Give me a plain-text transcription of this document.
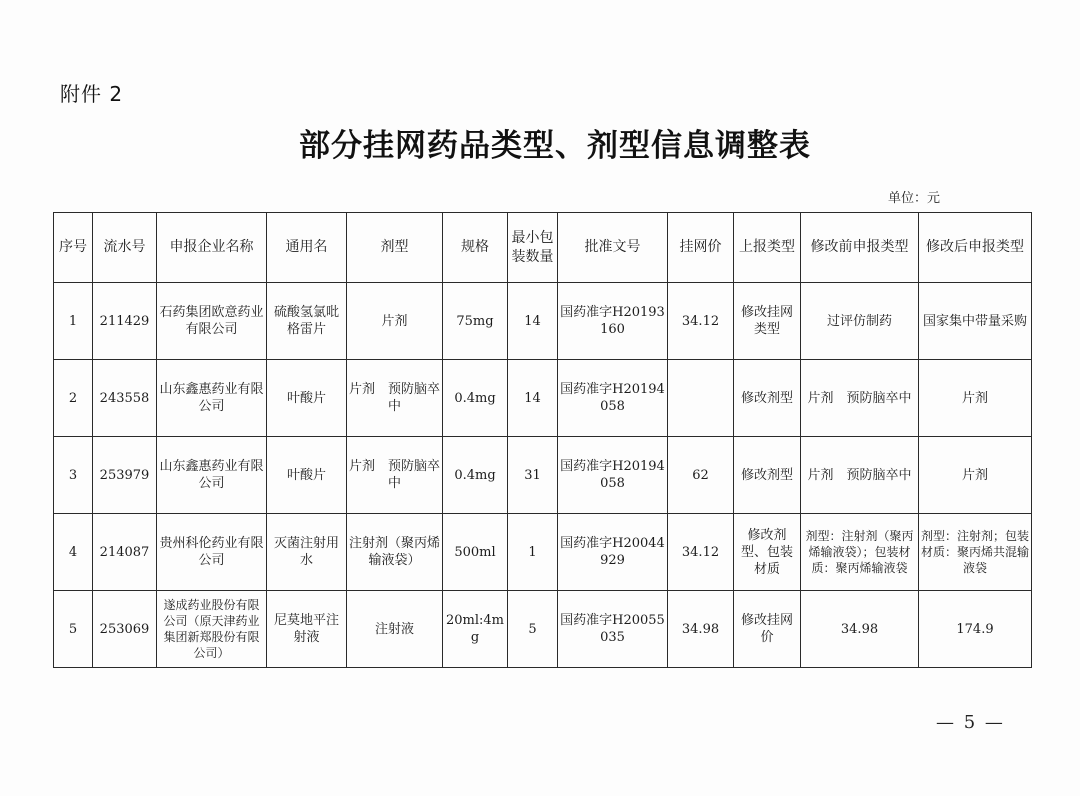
附件 2
部分挂网药品类型、剂型信息调整表
单位：元
序号	流水号	申报企业名称	通用名	剂型	规格	最小包装数量	批准文号	挂网价	上报类型	修改前申报类型	修改后申报类型
1	211429	石药集团欧意药业有限公司	硫酸氢氯吡格雷片	片剂	75mg	14	国药准字H20193160	34.12	修改挂网类型	过评仿制药	国家集中带量采购
2	243558	山东鑫惠药业有限公司	叶酸片	片剂　预防脑卒中	0.4mg	14	国药准字H20194058		修改剂型	片剂　预防脑卒中	片剂
3	253979	山东鑫惠药业有限公司	叶酸片	片剂　预防脑卒中	0.4mg	31	国药准字H20194058	62	修改剂型	片剂　预防脑卒中	片剂
4	214087	贵州科伦药业有限公司	灭菌注射用水	注射剂（聚丙烯输液袋）	500ml	1	国药准字H20044929	34.12	修改剂型、包装材质	剂型：注射剂（聚丙烯输液袋）；包装材质：聚丙烯输液袋	剂型：注射剂；包装材质：聚丙烯共混输液袋
5	253069	遂成药业股份有限公司（原天津药业集团新郑股份有限公司）	尼莫地平注射液	注射液	20ml:4mg	5	国药准字H20055035	34.98	修改挂网价	34.98	174.9
— 5 —
